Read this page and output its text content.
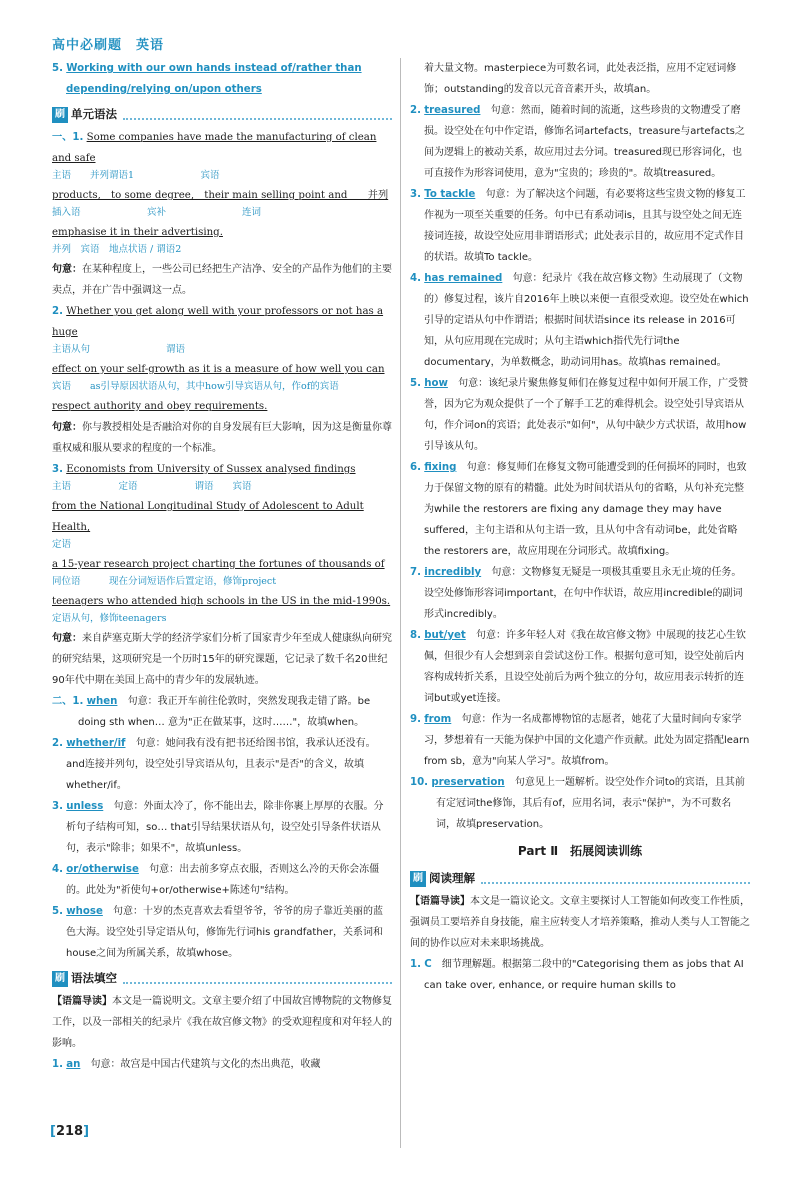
高中必刷题　英语

5. Working with our own hands instead of/rather than depending/relying on/upon others

刷 单元语法

一、1. Some companies have made the manufacturing of clean and safe

主语　　并列谓语1　　　　　　　宾语

products,　to some degree,　their main selling point and　　并列

插入语　　　　　　　宾补　　　　　　　　连词

emphasise it in their advertising.

并列　宾语　地点状语 / 谓语2

句意：在某种程度上，一些公司已经把生产洁净、安全的产品作为他们的主要卖点，并在广告中强调这一点。

2. Whether you get along well with your professors or not has a huge

主语从句　　　　　　　　谓语

effect on your self-growth as it is a measure of how well you can

宾语　　as引导原因状语从句，其中how引导宾语从句，作of的宾语

respect authority and obey requirements.

句意：你与教授相处是否融洽对你的自身发展有巨大影响，因为这是衡量你尊重权威和服从要求的程度的一个标准。

3. Economists from University of Sussex analysed findings

主语　　　　　定语　　　　　　谓语　　宾语

from the National Longitudinal Study of Adolescent to Adult Health,

定语

a 15-year research project charting the fortunes of thousands of

同位语　　　现在分词短语作后置定语，修饰project

teenagers who attended high schools in the US in the mid-1990s.

定语从句，修饰teenagers

句意：来自萨塞克斯大学的经济学家们分析了国家青少年至成人健康纵向研究的研究结果，这项研究是一个历时15年的研究课题，它记录了数千名20世纪90年代中期在美国上高中的青少年的发展轨迹。

二、1. when　 句意：我正开车前往伦敦时，突然发现我走错了路。be doing sth when… 意为"正在做某事，这时……"，故填when。

2. whether/if　 句意：她问我有没有把书还给图书馆，我承认还没有。and连接并列句，设空处引导宾语从句，且表示"是否"的含义，故填whether/if。

3. unless　 句意：外面太冷了，你不能出去，除非你裹上厚厚的衣服。分析句子结构可知，so… that引导结果状语从句，设空处引导条件状语从句，表示"除非；如果不"，故填unless。

4. or/otherwise　 句意：出去前多穿点衣服，否则这么冷的天你会冻僵的。此处为"祈使句+or/otherwise+陈述句"结构。

5. whose　 句意：十岁的杰克喜欢去看望爷爷，爷爷的房子靠近美丽的蓝色大海。设空处引导定语从句，修饰先行词his grandfather，关系词和house之间为所属关系，故填whose。

刷 语法填空

【语篇导读】本文是一篇说明文。文章主要介绍了中国故宫博物院的文物修复工作，以及一部相关的纪录片《我在故宫修文物》的受欢迎程度和对年轻人的影响。

1. an　 句意：故宫是中国古代建筑与文化的杰出典范，收藏

着大量文物。masterpiece为可数名词，此处表泛指，应用不定冠词修饰；outstanding的发音以元音音素开头，故填an。

2. treasured　 句意：然而，随着时间的流逝，这些珍贵的文物遭受了磨损。设空处在句中作定语，修饰名词artefacts，treasure与artefacts之间为逻辑上的被动关系，故应用过去分词。treasured现已形容词化，也可直接作为形容词使用，意为"宝贵的；珍贵的"。故填treasured。

3. To tackle　 句意：为了解决这个问题，有必要将这些宝贵文物的修复工作视为一项至关重要的任务。句中已有系动词is，且其与设空处之间无连接词连接，故设空处应用非谓语形式；此处表示目的，故应用不定式作目的状语。故填To tackle。

4. has remained　 句意：纪录片《我在故宫修文物》生动展现了（文物的）修复过程，该片自2016年上映以来便一直很受欢迎。设空处在which引导的定语从句中作谓语；根据时间状语since its release in 2016可知，从句应用现在完成时；从句主语which指代先行词the documentary，为单数概念，助动词用has。故填has remained。

5. how　 句意：该纪录片聚焦修复师们在修复过程中如何开展工作，广受赞誉，因为它为观众提供了一个了解手工艺的难得机会。设空处引导宾语从句，作介词on的宾语；此处表示"如何"，从句中缺少方式状语，故用how引导该从句。

6. fixing　 句意：修复师们在修复文物可能遭受到的任何损坏的同时，也致力于保留文物的原有的精髓。此处为时间状语从句的省略，从句补充完整为while the restorers are fixing any damage they may have suffered，主句主语和从句主语一致，且从句中含有动词be，此处省略the restorers are，故应用现在分词形式。故填fixing。

7. incredibly　 句意：文物修复无疑是一项极其重要且永无止境的任务。设空处修饰形容词important，在句中作状语，故应用incredible的副词形式incredibly。

8. but/yet　 句意：许多年轻人对《我在故宫修文物》中展现的技艺心生钦佩，但很少有人会想到亲自尝试这份工作。根据句意可知，设空处前后内容构成转折关系，且设空处前后为两个独立的分句，故应用表示转折的连词but或yet连接。

9. from　 句意：作为一名成都博物馆的志愿者，她花了大量时间向专家学习，梦想着有一天能为保护中国的文化遗产作贡献。此处为固定搭配learn from sb，意为"向某人学习"。故填from。

10. preservation　 句意见上一题解析。设空处作介词to的宾语，且其前有定冠词the修饰，其后有of，应用名词，表示"保护"，为不可数名词，故填preservation。

Part Ⅱ　拓展阅读训练

刷 阅读理解

【语篇导读】本文是一篇议论文。文章主要探讨人工智能如何改变工作性质，强调员工要培养自身技能，雇主应转变人才培养策略，推动人类与人工智能之间的协作以应对未来职场挑战。

1. C　 细节理解题。根据第二段中的"Categorising them as jobs that AI can take over, enhance, or require human skills to

[218]
